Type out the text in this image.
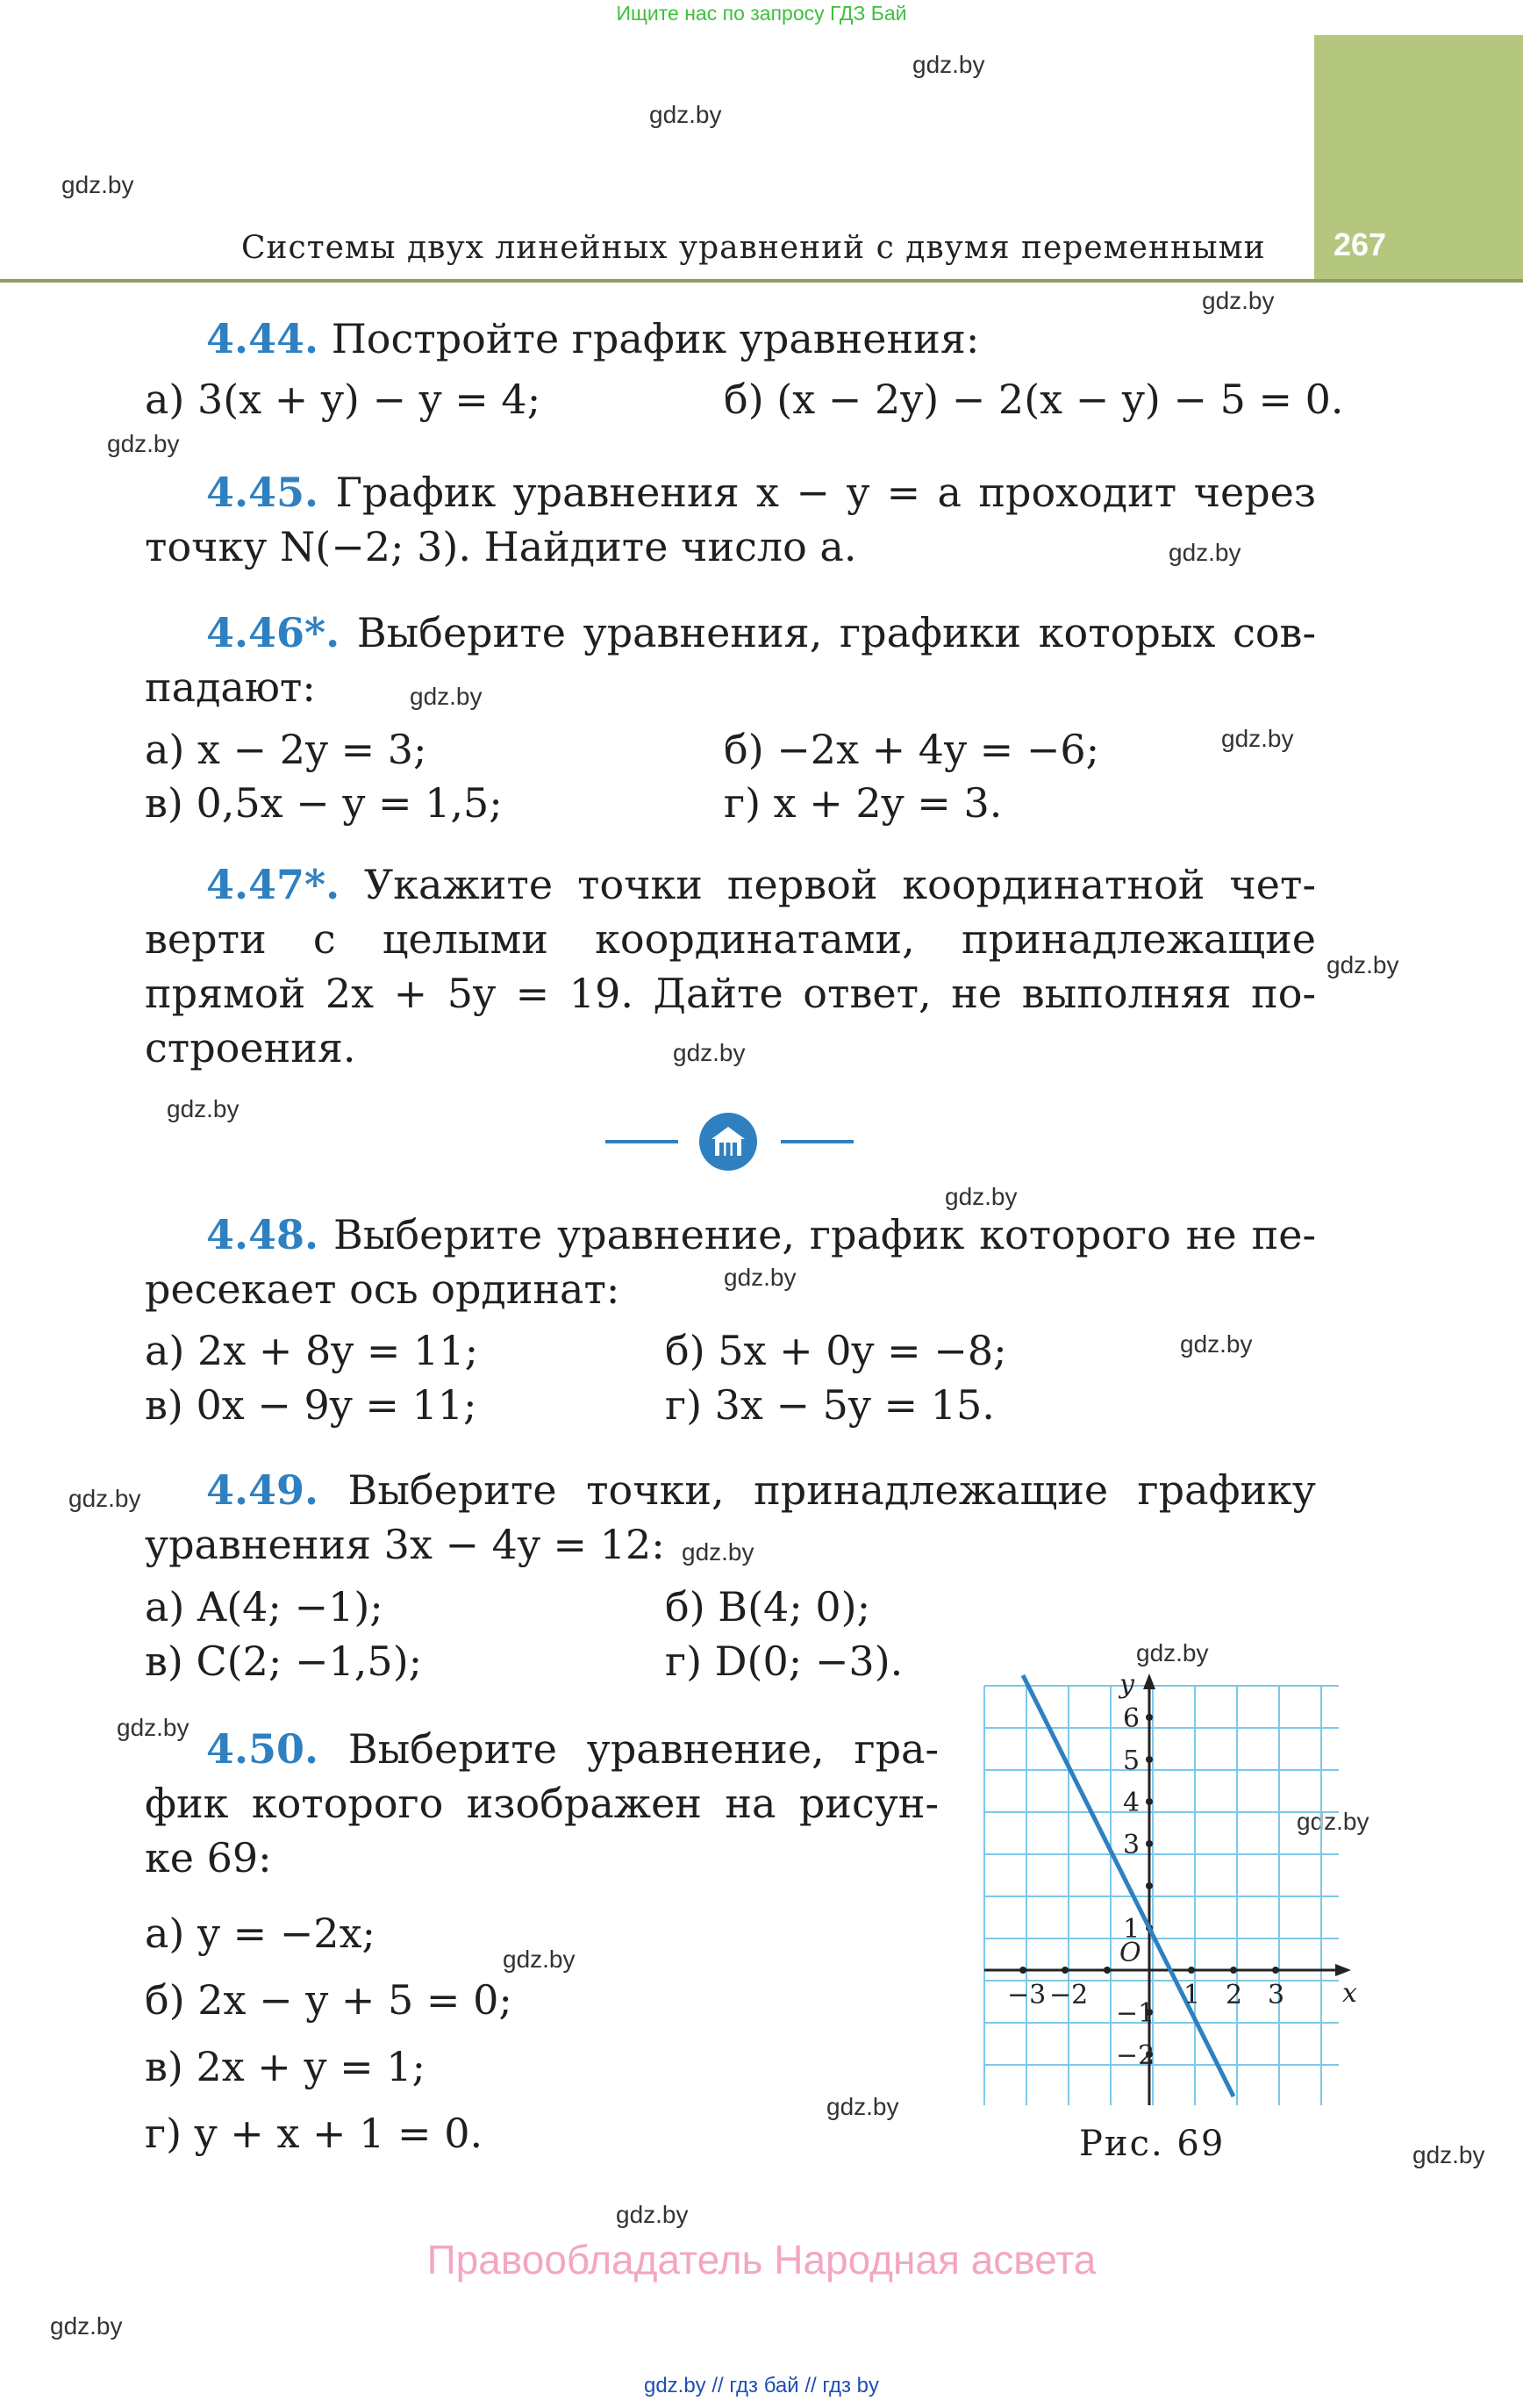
Ищите нас по запросу ГДЗ Бай
267
Системы двух линейных уравнений с двумя переменными
gdz.by
gdz.by
gdz.by
gdz.by
gdz.by
gdz.by
gdz.by
gdz.by
gdz.by
gdz.by
gdz.by
gdz.by
gdz.by
gdz.by
gdz.by
gdz.by
gdz.by
gdz.by
gdz.by
gdz.by
gdz.by
gdz.by
gdz.by
gdz.by
4.44. Постройте график уравнения:
а) 3(x + y) − y = 4;	б) (x − 2y) − 2(x − y) − 5 = 0.
4.45. График уравнения x − y = a проходит через
точку N(−2; 3). Найдите число a.
4.46*. Выберите уравнения, графики которых сов-
падают:
а) x − 2y = 3;	б) −2x + 4y = −6;
в) 0,5x − y = 1,5;	г) x + 2y = 3.
4.47*. Укажите точки первой координатной чет-
верти с целыми координатами, принадлежащие
прямой 2x + 5y = 19. Дайте ответ, не выполняя по-
строения.
4.48. Выберите уравнение, график которого не пе-
ресекает ось ординат:
а) 2x + 8y = 11;	б) 5x + 0y = −8;
в) 0x − 9y = 11;	г) 3x − 5y = 15.
4.49. Выберите точки, принадлежащие графику
уравнения 3x − 4y = 12:
а) A(4; −1);	б) B(4; 0);
в) C(2; −1,5);	г) D(0; −3).
4.50. Выберите уравнение, гра-
фик которого изображен на рисун-
ке 69:
а) y = −2x;
б) 2x − y + 5 = 0;
в) 2x + y = 1;
г) y + x + 1 = 0.
−3 −2	1 2 3
6
5
4
3
1
−1
−2
O
x
y
Рис. 69
Правообладатель Народная асвета
gdz.by // гдз бай // гдз by
